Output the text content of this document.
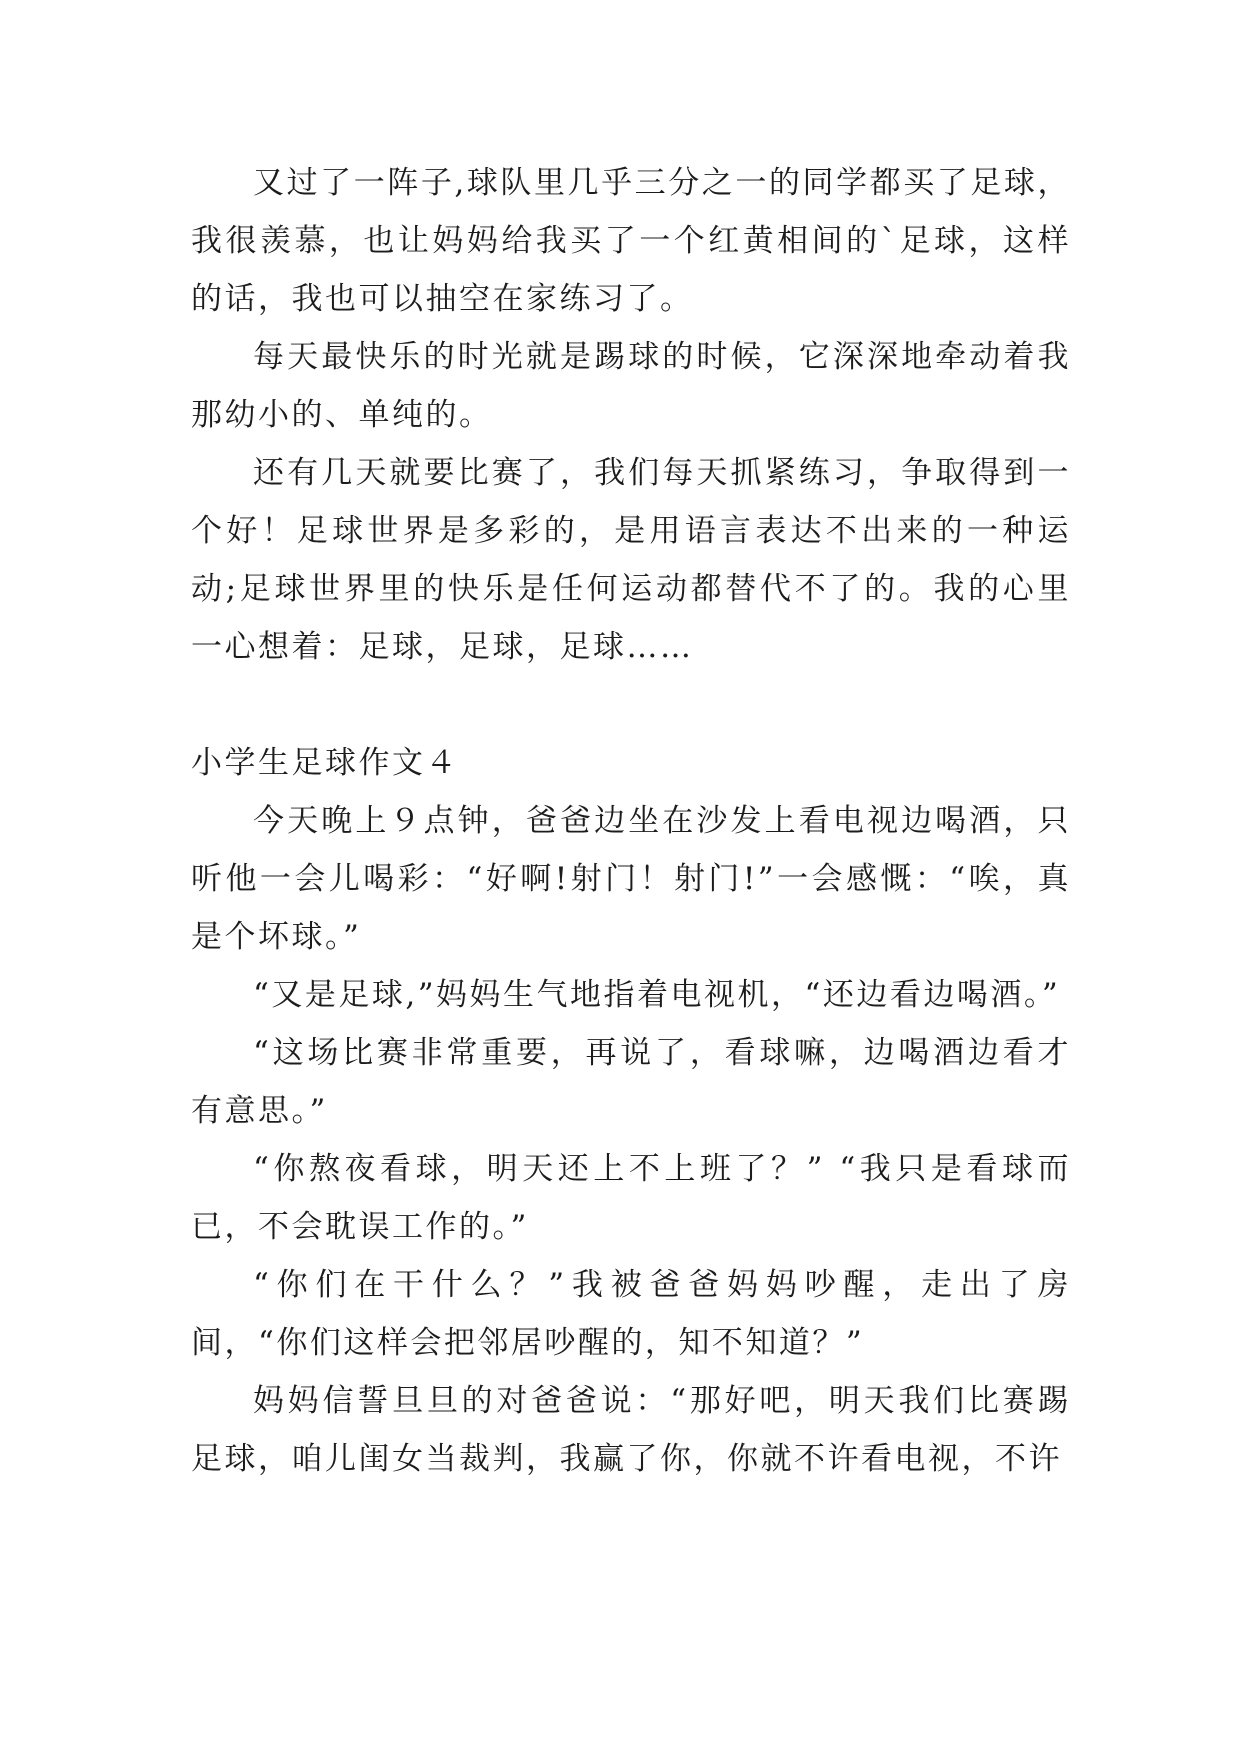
又过了一阵子,球队里几乎三分之一的同学都买了足球，我很羡慕，也让妈妈给我买了一个红黄相间的`足球，这样的话，我也可以抽空在家练习了。

每天最快乐的时光就是踢球的时候，它深深地牵动着我那幼小的、单纯的。

还有几天就要比赛了，我们每天抓紧练习，争取得到一个好！足球世界是多彩的，是用语言表达不出来的一种运动;足球世界里的快乐是任何运动都替代不了的。我的心里一心想着：足球，足球，足球……

小学生足球作文４

今天晚上９点钟，爸爸边坐在沙发上看电视边喝酒，只听他一会儿喝彩：“好啊!射门！射门!”一会感慨：“唉，真是个坏球。”

“又是足球,”妈妈生气地指着电视机，“还边看边喝酒。”

“这场比赛非常重要，再说了，看球嘛，边喝酒边看才有意思。”

“你熬夜看球，明天还上不上班了？” “我只是看球而已，不会耽误工作的。”

“你们在干什么？”我被爸爸妈妈吵醒，走出了房间，“你们这样会把邻居吵醒的，知不知道？”

妈妈信誓旦旦的对爸爸说：“那好吧，明天我们比赛踢足球，咱儿闺女当裁判，我赢了你，你就不许看电视，不许
